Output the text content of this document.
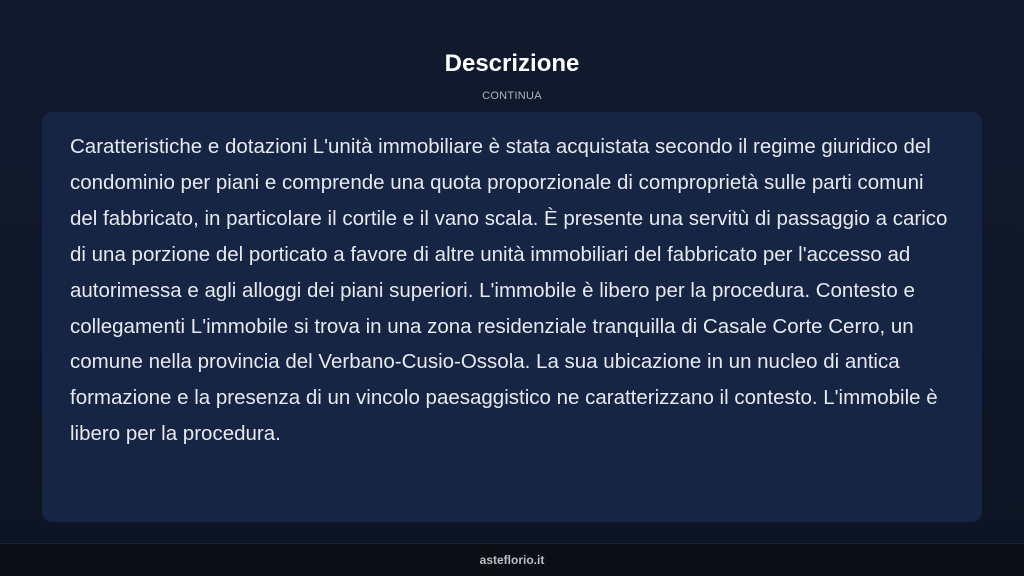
Descrizione
CONTINUA

Caratteristiche e dotazioni L'unità immobiliare è stata acquistata secondo il regime giuridico del condominio per piani e comprende una quota proporzionale di comproprietà sulle parti comuni del fabbricato, in particolare il cortile e il vano scala. È presente una servitù di passaggio a carico di una porzione del porticato a favore di altre unità immobiliari del fabbricato per l'accesso ad autorimessa e agli alloggi dei piani superiori. L'immobile è libero per la procedura. Contesto e collegamenti L'immobile si trova in una zona residenziale tranquilla di Casale Corte Cerro, un comune nella provincia del Verbano-Cusio-Ossola. La sua ubicazione in un nucleo di antica formazione e la presenza di un vincolo paesaggistico ne caratterizzano il contesto. L'immobile è libero per la procedura.

asteflorio.it
